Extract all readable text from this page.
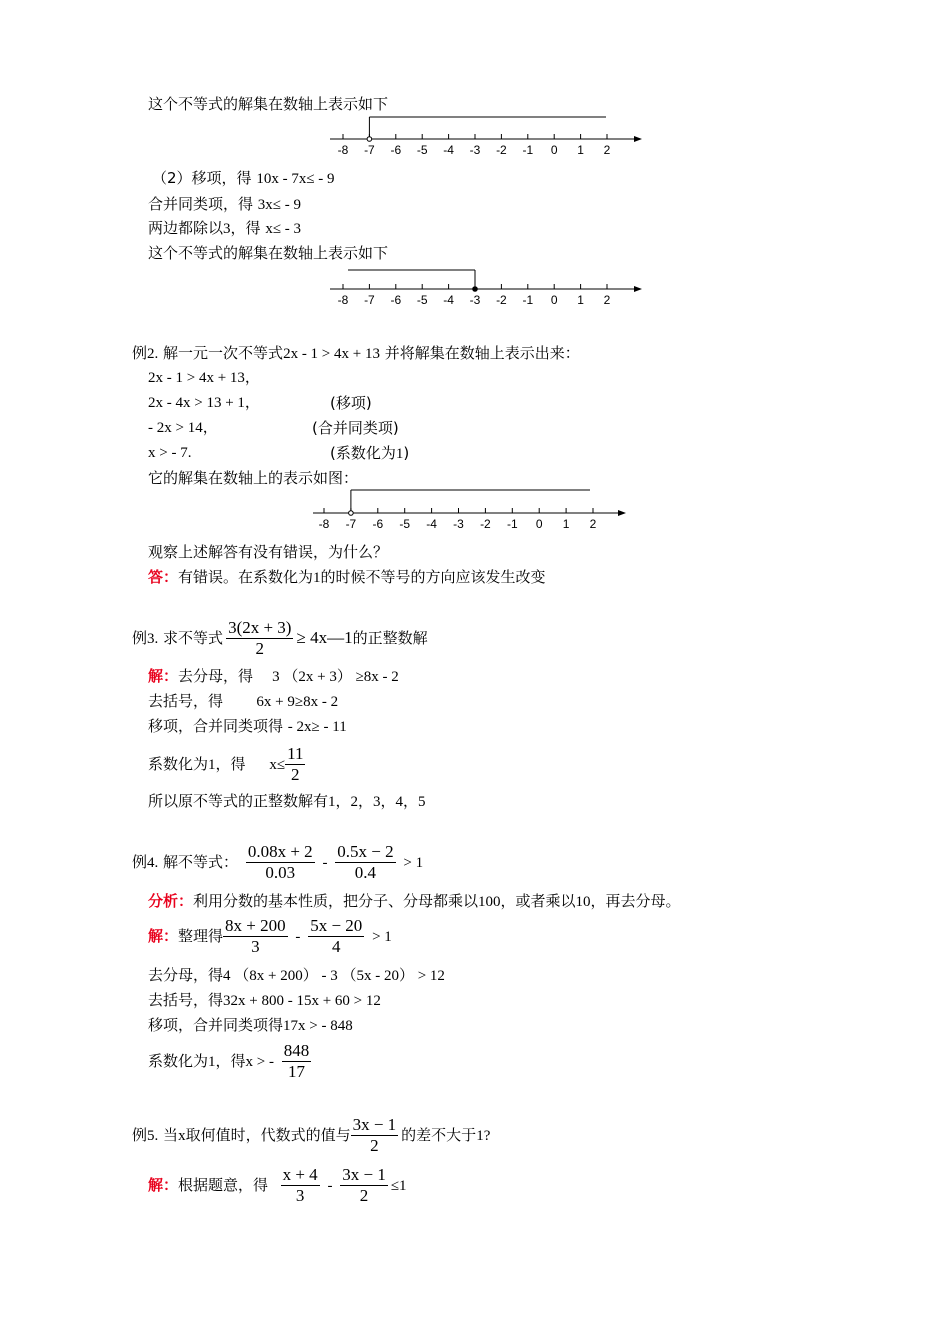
这个不等式的解集在数轴上表示如下
-8 -7 -6 -5 -4 -3 -2 -1 0 1 2
-8 -7 -6 -5 -4 -3 -2 -1 0 1 2
-8 -7 -6 -5 -4 -3 -2 -1 0 1 2
（2）移项，得 10x - 7x≤ - 9
合并同类项，得 3x≤ - 9
两边都除以3，得 x≤ - 3
这个不等式的解集在数轴上表示如下
例2. 解一元一次不等式2x - 1 > 4x + 13 并将解集在数轴上表示出来：
2x - 1 > 4x + 13，
2x - 4x > 13 + 1，	(移项)
- 2x > 14，	(合并同类项)
x > - 7.	(系数化为1)
它的解集在数轴上的表示如图：
观察上述解答有没有错误，为什么？
答：有错误。在系数化为1的时候不等号的方向应该发生改变
例3. 求不等式 $\frac{3(2x + 3)}{2}$ ≥ 4x—1的正整数解
解：去分母，得 3 （2x + 3） ≥8x - 2
去括号，得 6x + 9≥8x - 2
移项，合并同类项得 - 2x≥ - 11
系数化为1，得 $x\le \frac{11}{2}$
所以原不等式的正整数解有1，2，3，4，5
例4. 解不等式： $\frac{0.08x + 2}{0.03} - \frac{0.5x - 2}{0.4} > 1$
分析：利用分数的基本性质，把分子、分母都乘以100，或者乘以10，再去分母。
解：整理得 $\frac{8x + 200}{3} - \frac{5x - 20}{4} > 1$
去分母，得4 （8x + 200） - 3 （5x - 20） > 12
去括号，得32x + 800 - 15x + 60 > 12
移项，合并同类项得17x > - 848
系数化为1，得x > - $\frac{848}{17}$
例5. 当x取何值时，代数式的值与 $\frac{3x - 1}{2}$ 的差不大于1?
解：根据题意，得 $\frac{x + 4}{3} - \frac{3x - 1}{2} \le 1$
